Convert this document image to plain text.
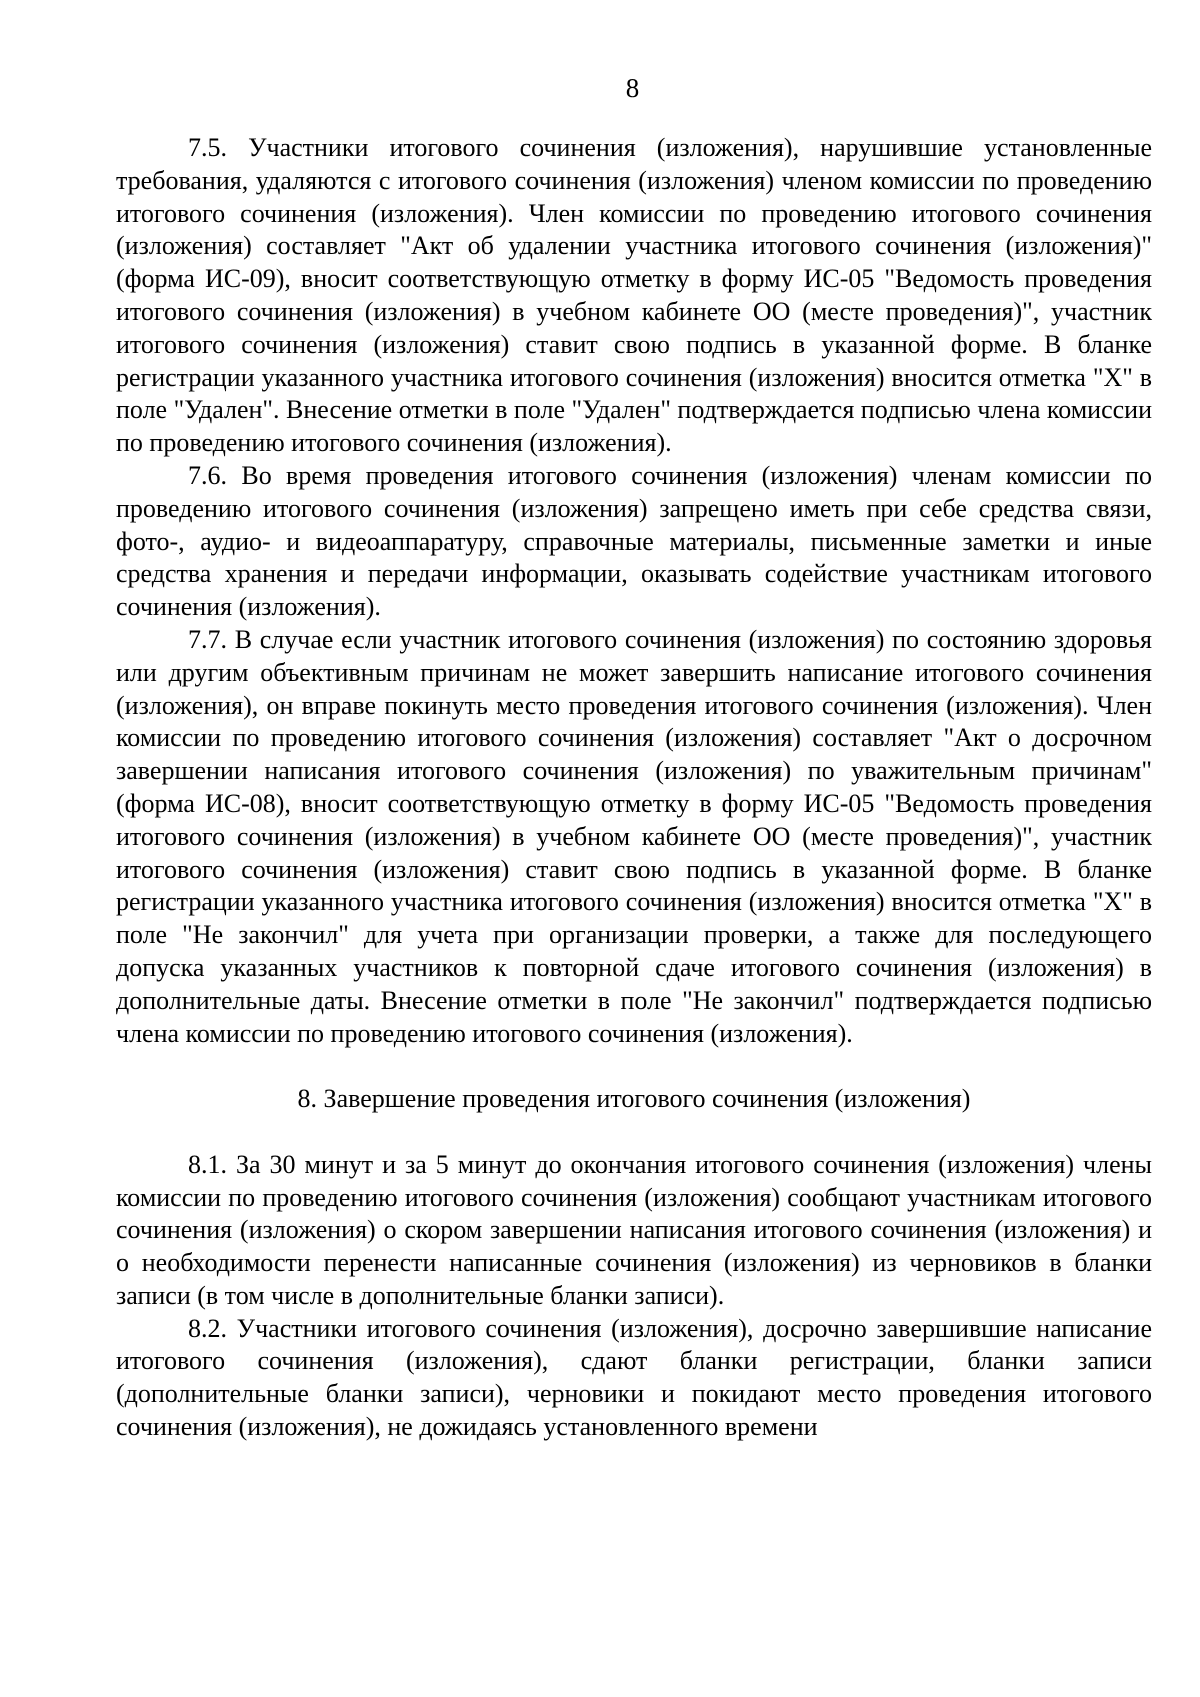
8

7.5. Участники итогового сочинения (изложения), нарушившие установленные требования, удаляются с итогового сочинения (изложения) членом комиссии по проведению итогового сочинения (изложения). Член комиссии по проведению итогового сочинения (изложения) составляет "Акт об удалении участника итогового сочинения (изложения)" (форма ИС-09), вносит соответствующую отметку в форму ИС-05 "Ведомость проведения итогового сочинения (изложения) в учебном кабинете ОО (месте проведения)", участник итогового сочинения (изложения) ставит свою подпись в указанной форме. В бланке регистрации указанного участника итогового сочинения (изложения) вносится отметка "X" в поле "Удален". Внесение отметки в поле "Удален" подтверждается подписью члена комиссии по проведению итогового сочинения (изложения).

7.6. Во время проведения итогового сочинения (изложения) членам комиссии по проведению итогового сочинения (изложения) запрещено иметь при себе средства связи, фото-, аудио- и видеоаппаратуру, справочные материалы, письменные заметки и иные средства хранения и передачи информации, оказывать содействие участникам итогового сочинения (изложения).

7.7. В случае если участник итогового сочинения (изложения) по состоянию здоровья или другим объективным причинам не может завершить написание итогового сочинения (изложения), он вправе покинуть место проведения итогового сочинения (изложения). Член комиссии по проведению итогового сочинения (изложения) составляет "Акт о досрочном завершении написания итогового сочинения (изложения) по уважительным причинам" (форма ИС-08), вносит соответствующую отметку в форму ИС-05 "Ведомость проведения итогового сочинения (изложения) в учебном кабинете ОО (месте проведения)", участник итогового сочинения (изложения) ставит свою подпись в указанной форме. В бланке регистрации указанного участника итогового сочинения (изложения) вносится отметка "X" в поле "Не закончил" для учета при организации проверки, а также для последующего допуска указанных участников к повторной сдаче итогового сочинения (изложения) в дополнительные даты. Внесение отметки в поле "Не закончил" подтверждается подписью члена комиссии по проведению итогового сочинения (изложения).

8. Завершение проведения итогового сочинения (изложения)

8.1. За 30 минут и за 5 минут до окончания итогового сочинения (изложения) члены комиссии по проведению итогового сочинения (изложения) сообщают участникам итогового сочинения (изложения) о скором завершении написания итогового сочинения (изложения) и о необходимости перенести написанные сочинения (изложения) из черновиков в бланки записи (в том числе в дополнительные бланки записи).

8.2. Участники итогового сочинения (изложения), досрочно завершившие написание итогового сочинения (изложения), сдают бланки регистрации, бланки записи (дополнительные бланки записи), черновики и покидают место проведения итогового сочинения (изложения), не дожидаясь установленного времени
